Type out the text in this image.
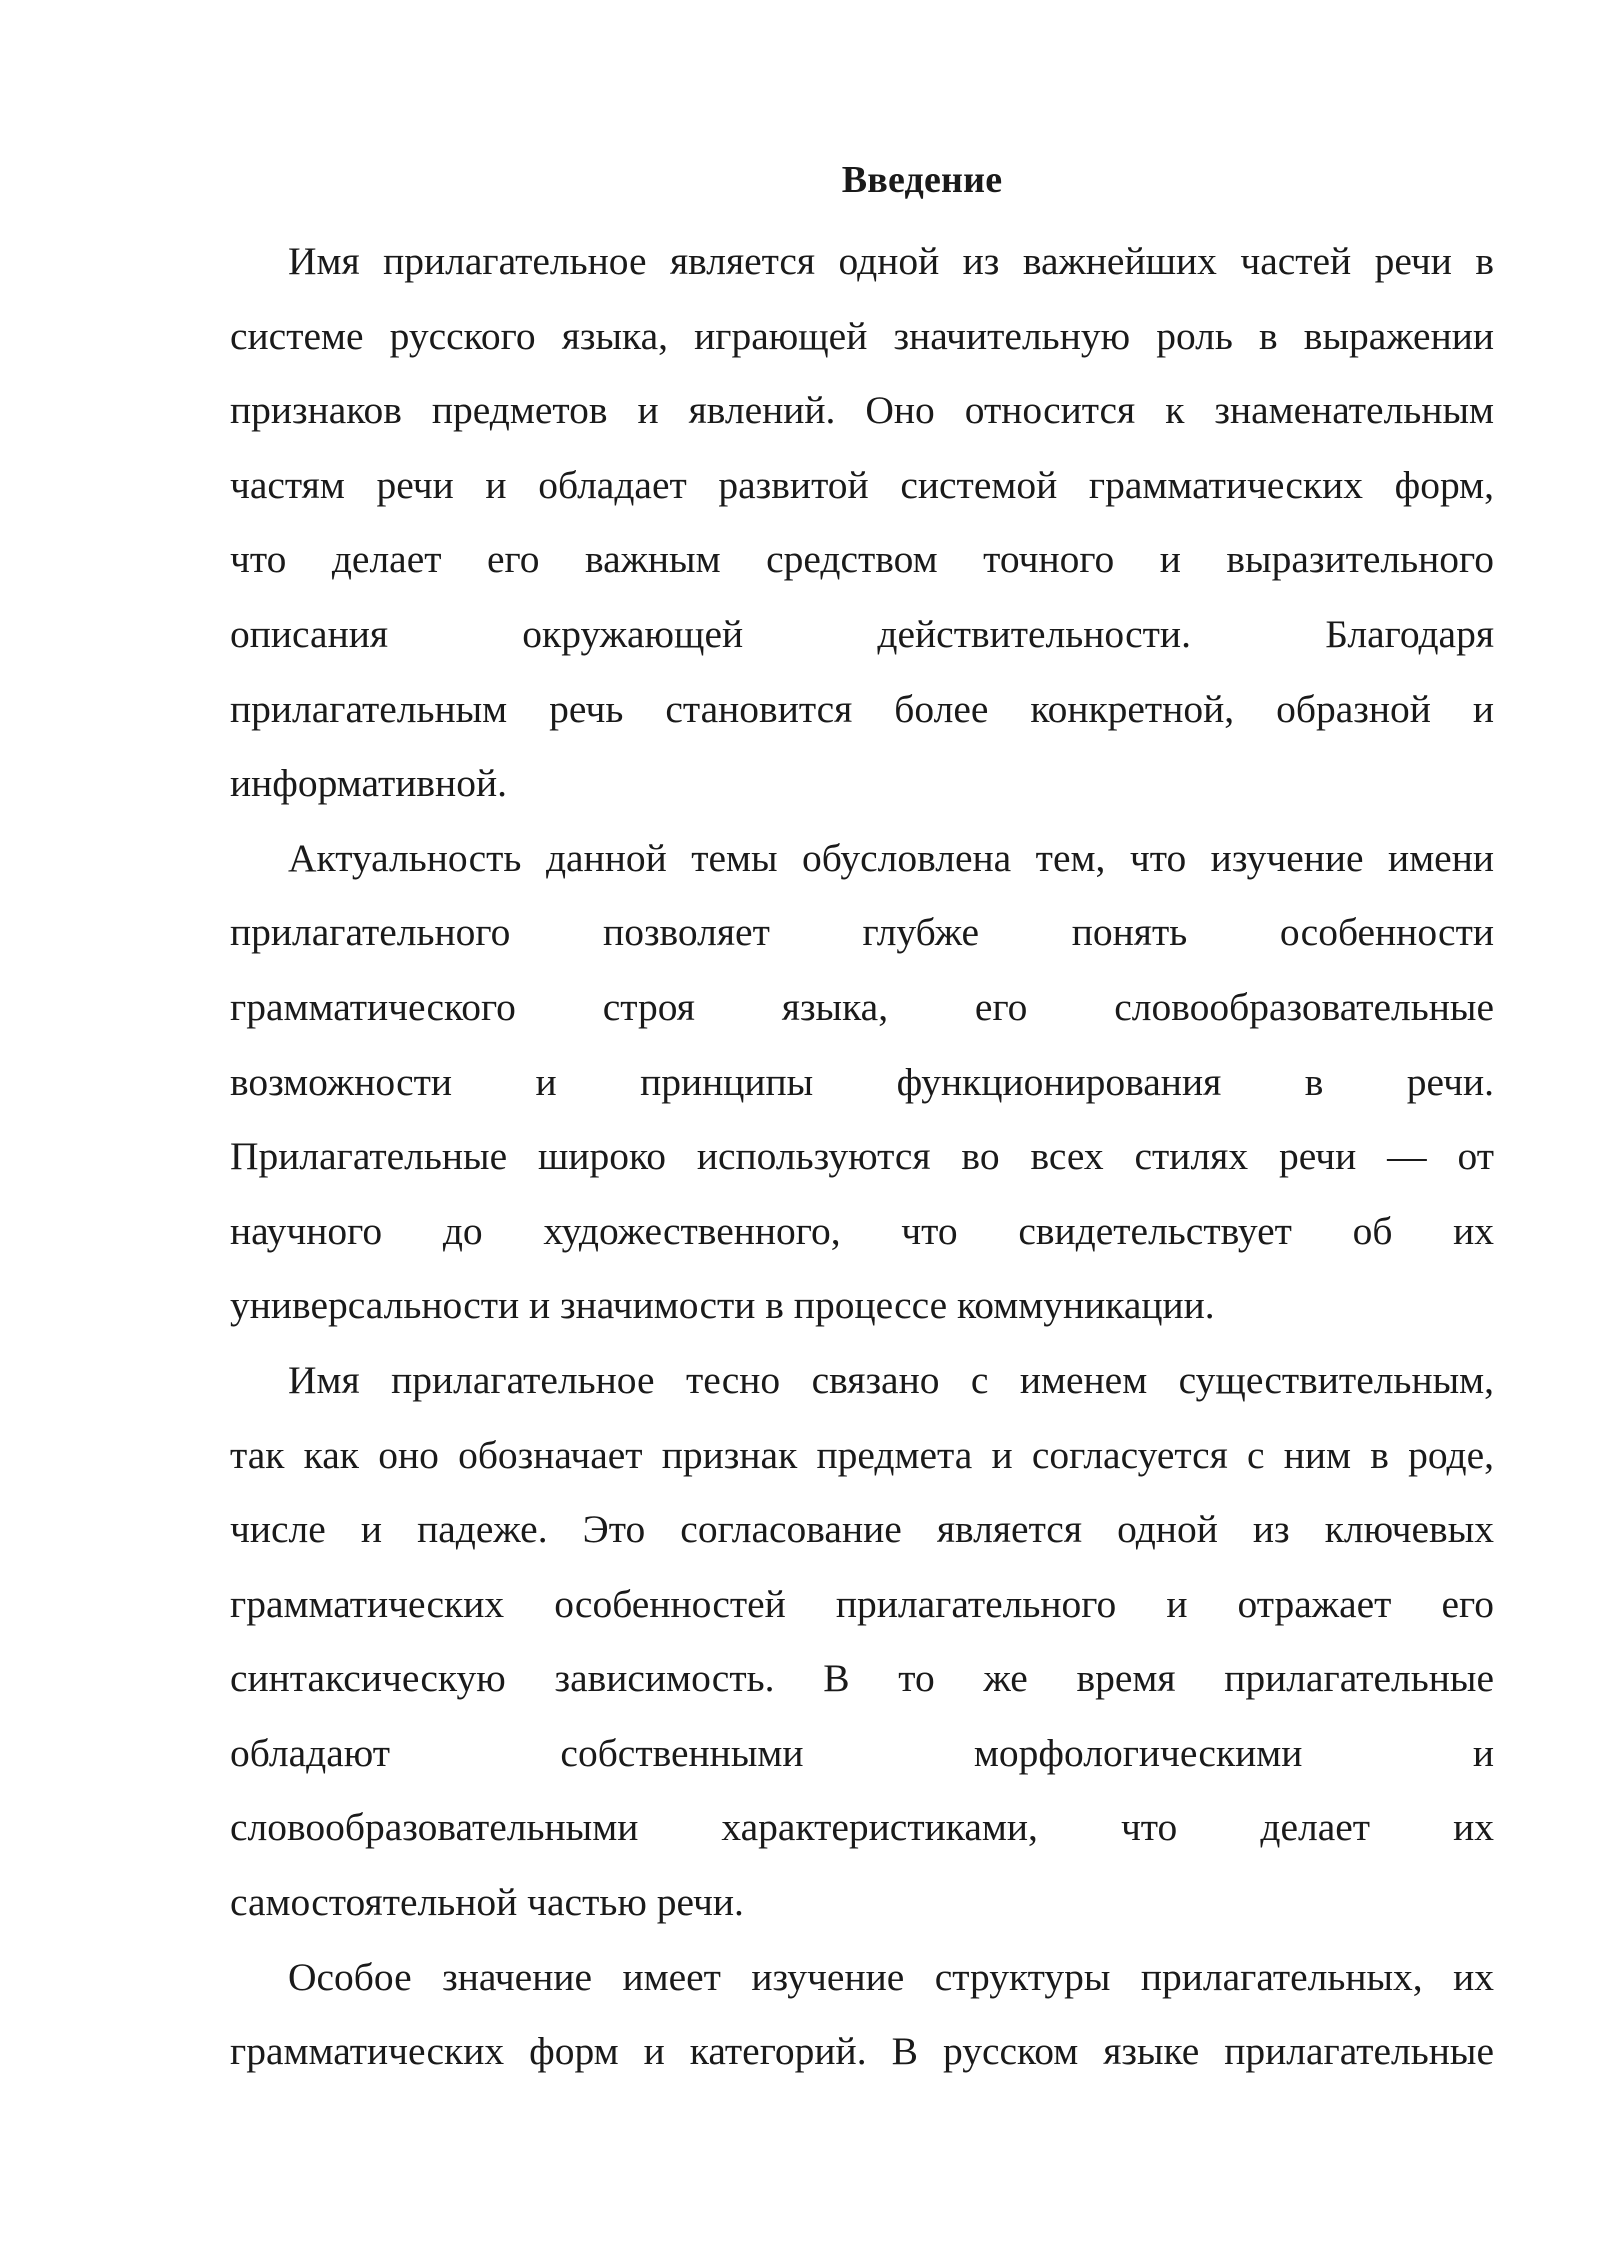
Введение
Имя прилагательное является одной из важнейших частей речи в
системе русского языка, играющей значительную роль в выражении
признаков предметов и явлений. Оно относится к знаменательным
частям речи и обладает развитой системой грамматических форм,
что делает его важным средством точного и выразительного
описания окружающей действительности. Благодаря
прилагательным речь становится более конкретной, образной и
информативной.
Актуальность данной темы обусловлена тем, что изучение имени
прилагательного позволяет глубже понять особенности
грамматического строя языка, его словообразовательные
возможности и принципы функционирования в речи.
Прилагательные широко используются во всех стилях речи — от
научного до художественного, что свидетельствует об их
универсальности и значимости в процессе коммуникации.
Имя прилагательное тесно связано с именем существительным,
так как оно обозначает признак предмета и согласуется с ним в роде,
числе и падеже. Это согласование является одной из ключевых
грамматических особенностей прилагательного и отражает его
синтаксическую зависимость. В то же время прилагательные
обладают собственными морфологическими и
словообразовательными характеристиками, что делает их
самостоятельной частью речи.
Особое значение имеет изучение структуры прилагательных, их
грамматических форм и категорий. В русском языке прилагательные
